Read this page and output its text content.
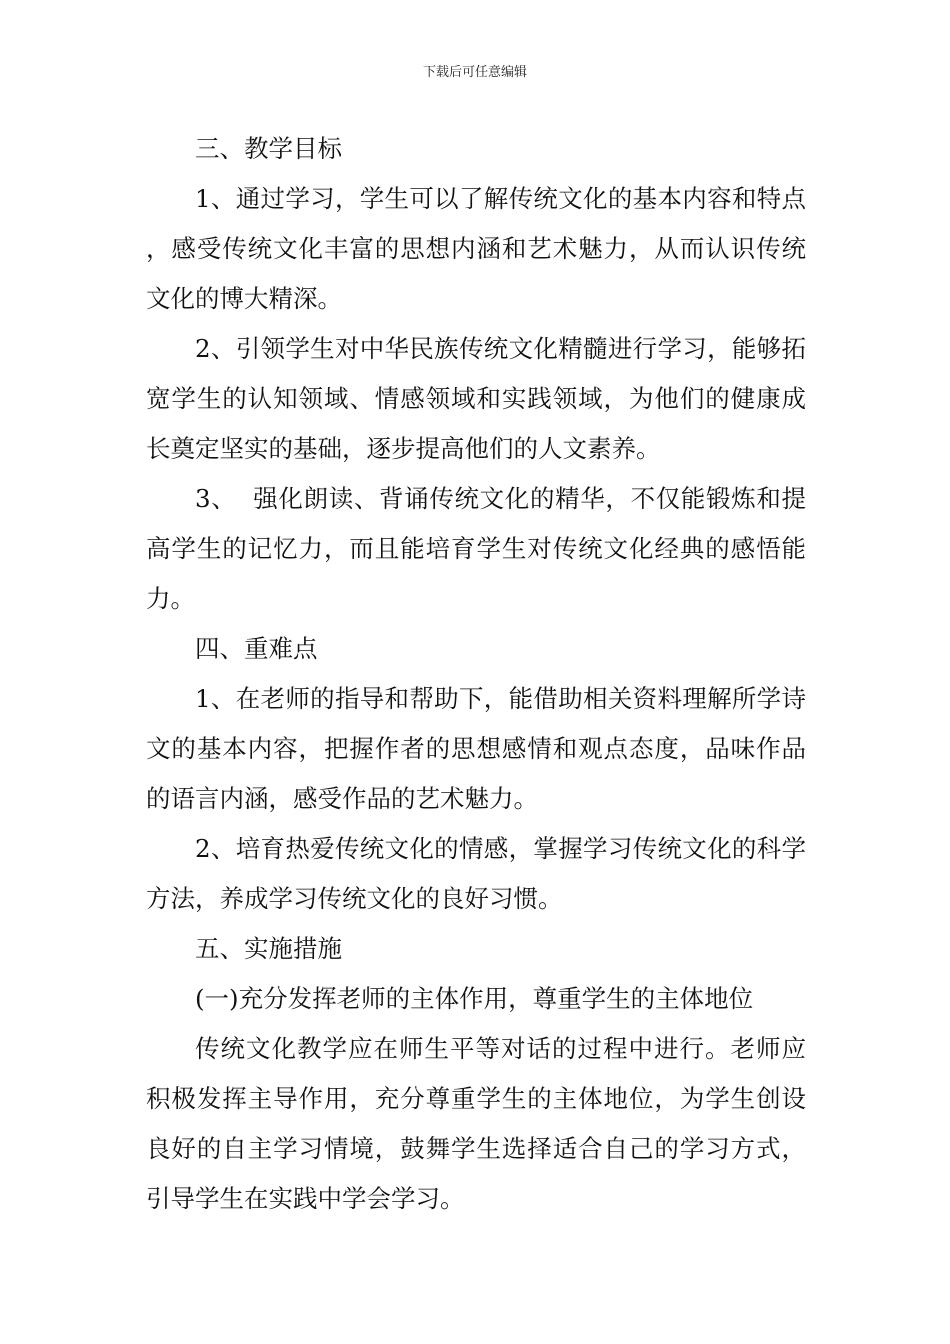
下载后可任意编辑

三、教学目标

1、通过学习，学生可以了解传统文化的基本内容和特点，感受传统文化丰富的思想内涵和艺术魅力，从而认识传统文化的博大精深。

2、引领学生对中华民族传统文化精髓进行学习，能够拓宽学生的认知领域、情感领域和实践领域，为他们的健康成长奠定坚实的基础，逐步提高他们的人文素养。

3、  强化朗读、背诵传统文化的精华，不仅能锻炼和提高学生的记忆力，而且能培育学生对传统文化经典的感悟能力。

四、重难点

1、在老师的指导和帮助下，能借助相关资料理解所学诗文的基本内容，把握作者的思想感情和观点态度，品味作品的语言内涵，感受作品的艺术魅力。

2、培育热爱传统文化的情感，掌握学习传统文化的科学方法，养成学习传统文化的良好习惯。

五、实施措施

(一)充分发挥老师的主体作用，尊重学生的主体地位

传统文化教学应在师生平等对话的过程中进行。老师应积极发挥主导作用，充分尊重学生的主体地位，为学生创设良好的自主学习情境，鼓舞学生选择适合自己的学习方式，引导学生在实践中学会学习。
